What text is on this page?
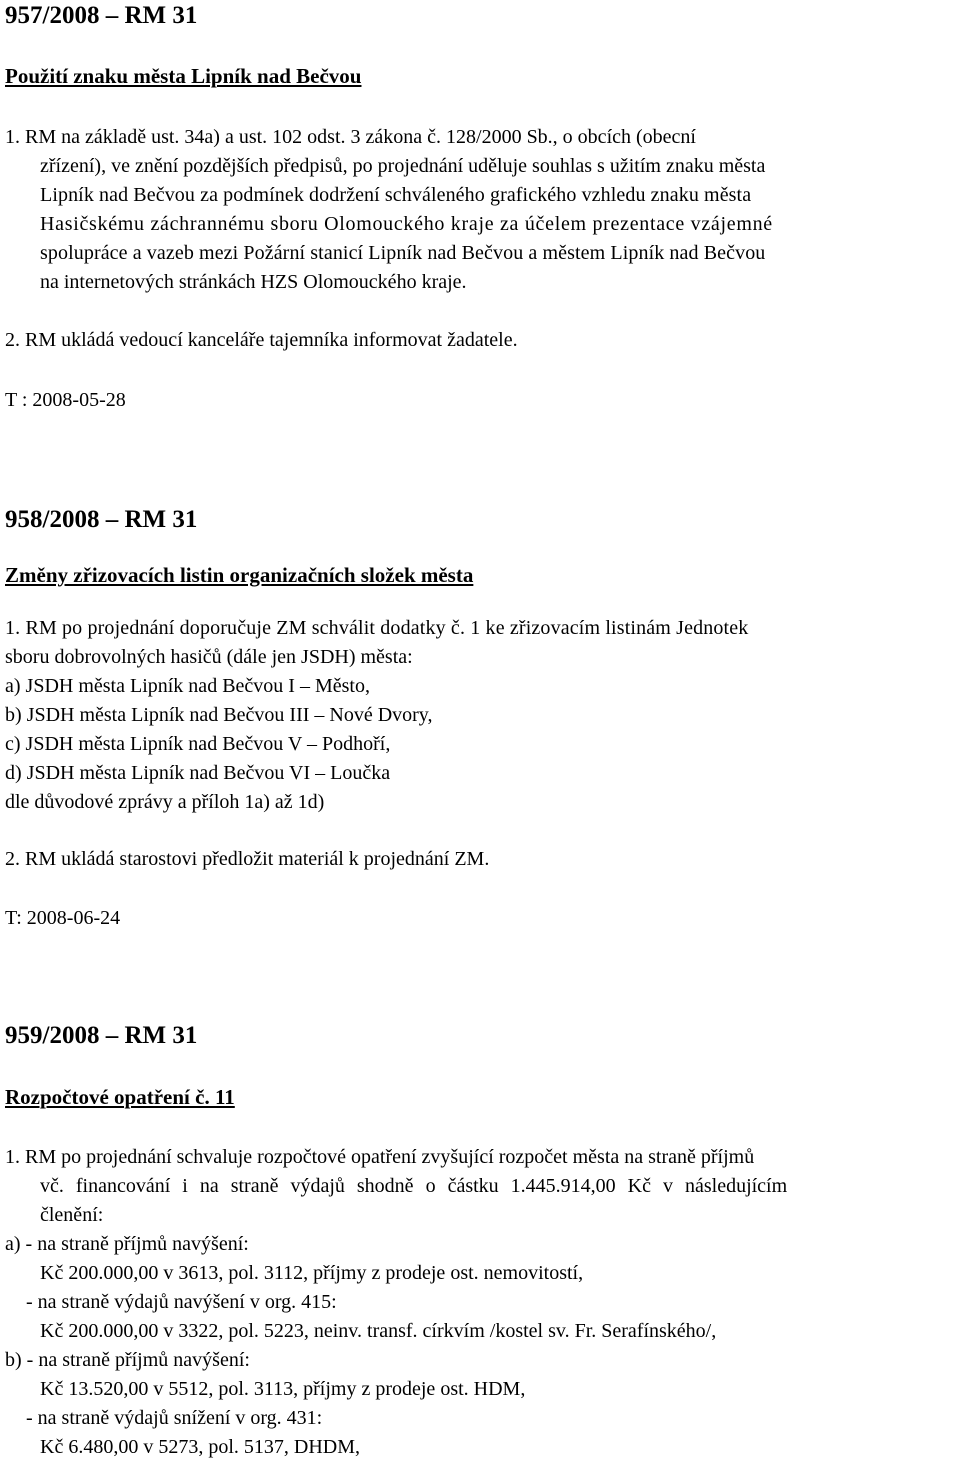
957/2008 – RM 31
Použití znaku města Lipník nad Bečvou
1. RM na základě ust. 34a) a ust. 102 odst. 3 zákona č. 128/2000 Sb., o obcích (obecní
zřízení), ve znění pozdějších předpisů, po projednání uděluje souhlas s užitím znaku města
Lipník nad Bečvou za podmínek dodržení schváleného grafického vzhledu znaku města
Hasičskému záchrannému sboru Olomouckého kraje za účelem prezentace vzájemné
spolupráce a vazeb mezi Požární stanicí Lipník nad Bečvou a městem Lipník nad Bečvou
na internetových stránkách HZS Olomouckého kraje.
2. RM ukládá vedoucí kanceláře tajemníka informovat žadatele.
T : 2008-05-28
958/2008 – RM 31
Změny zřizovacích listin organizačních složek města
1. RM po projednání doporučuje ZM schválit dodatky č. 1 ke zřizovacím listinám Jednotek
sboru dobrovolných hasičů (dále jen JSDH) města:
a) JSDH města Lipník nad Bečvou I – Město,
b) JSDH města Lipník nad Bečvou III – Nové Dvory,
c) JSDH města Lipník nad Bečvou V – Podhoří,
d) JSDH města Lipník nad Bečvou VI – Loučka
dle důvodové zprávy a příloh 1a) až 1d)
2. RM ukládá starostovi předložit materiál k projednání ZM.
T: 2008-06-24
959/2008 – RM 31
Rozpočtové opatření č. 11
1. RM po projednání schvaluje rozpočtové opatření zvyšující rozpočet města na straně příjmů
vč. financování i na straně výdajů shodně o částku 1.445.914,00 Kč v následujícím
členění:
a) - na straně příjmů navýšení:
Kč 200.000,00 v 3613, pol. 3112, příjmy z prodeje ost. nemovitostí,
- na straně výdajů navýšení v org. 415:
Kč 200.000,00 v 3322, pol. 5223, neinv. transf. církvím /kostel sv. Fr. Serafínského/,
b) - na straně příjmů navýšení:
Kč 13.520,00 v 5512, pol. 3113, příjmy z prodeje ost. HDM,
- na straně výdajů snížení v org. 431:
Kč 6.480,00 v 5273, pol. 5137, DHDM,
